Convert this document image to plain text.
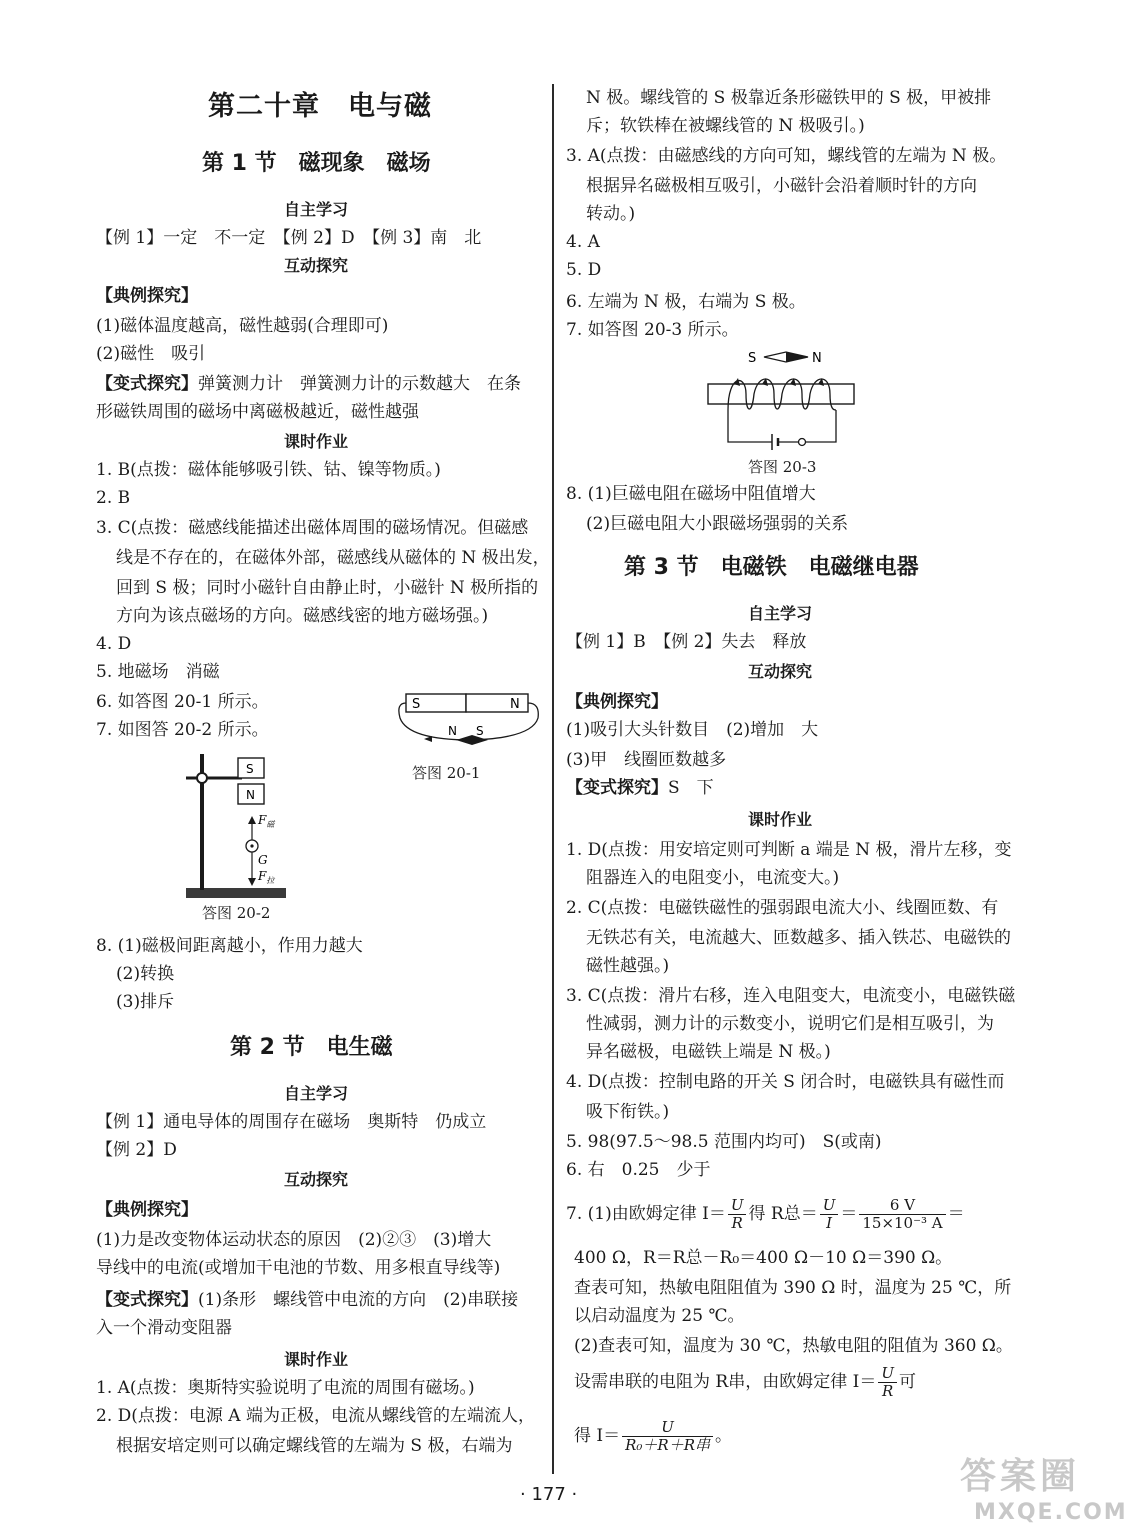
第二十章　电与磁
第 1 节　磁现象　磁场
自主学习
【例 1】一定　不一定　【例 2】D　【例 3】南　北
互动探究
【典例探究】
(1)磁体温度越高，磁性越弱(合理即可)
(2)磁性　吸引
【变式探究】弹簧测力计　弹簧测力计的示数越大　在条
形磁铁周围的磁场中离磁极越近，磁性越强
课时作业
1. B(点拨：磁体能够吸引铁、钴、镍等物质。)
2. B
3. C(点拨：磁感线能描述出磁体周围的磁场情况。但磁感
线是不存在的，在磁体外部，磁感线从磁体的 N 极出发，
回到 S 极；同时小磁针自由静止时，小磁针 N 极所指的
方向为该点磁场的方向。磁感线密的地方磁场强。)
4. D
5. 地磁场　消磁
6. 如答图 20-1 所示。
7. 如图答 20-2 所示。
S	N
N S
答图 20-1
S
N
$F_磁$
G
$F_拉$
答图 20-2
8. (1)磁极间距离越小，作用力越大
(2)转换
(3)排斥
第 2 节　电生磁
自主学习
【例 1】通电导体的周围存在磁场　奥斯特　仍成立
【例 2】D
互动探究
【典例探究】
(1)力是改变物体运动状态的原因　(2)②③　(3)增大
导线中的电流(或增加干电池的节数、用多根直导线等)
【变式探究】(1)条形　螺线管中电流的方向　(2)串联接
入一个滑动变阻器
课时作业
1. A(点拨：奥斯特实验说明了电流的周围有磁场。)
2. D(点拨：电源 A 端为正极，电流从螺线管的左端流人，
根据安培定则可以确定螺线管的左端为 S 极，右端为
N 极。螺线管的 S 极靠近条形磁铁甲的 S 极，甲被排
斥；软铁棒在被螺线管的 N 极吸引。)
3. A(点拨：由磁感线的方向可知，螺线管的左端为 N 极。
根据异名磁极相互吸引，小磁针会沿着顺时针的方向
转动。)
4. A
5. D
6. 左端为 N 极，右端为 S 极。
7. 如答图 20-3 所示。
S	N
答图 20-3
8. (1)巨磁电阻在磁场中阻值增大
(2)巨磁电阻大小跟磁场强弱的关系
第 3 节　电磁铁　电磁继电器
自主学习
【例 1】B　【例 2】失去　释放
互动探究
【典例探究】
(1)吸引大头针数目　(2)增加　大
(3)甲　线圈匝数越多
【变式探究】S　下
课时作业
1. D(点拨：用安培定则可判断 a 端是 N 极，滑片左移，变
阻器连入的电阻变小，电流变大。)
2. C(点拨：电磁铁磁性的强弱跟电流大小、线圈匝数、有
无铁芯有关，电流越大、匝数越多、插入铁芯、电磁铁的
磁性越强。)
3. C(点拨：滑片右移，连入电阻变大，电流变小，电磁铁磁
性减弱，测力计的示数变小，说明它们是相互吸引，为
异名磁极，电磁铁上端是 N 极。)
4. D(点拨：控制电路的开关 S 闭合时，电磁铁具有磁性而
吸下衔铁。)
5. 98(97.5～98.5 范围内均可)　S(或南)
6. 右　0.25　少于
7. (1)由欧姆定律 $I= \frac{U}{R}$ 得 R总＝ $\frac{U}{I} = \frac{6 V}{\text{15×10⁻³ A}}$ ＝
400 Ω，R＝R总－R₀＝400 Ω－10 Ω＝390 Ω。
查表可知，热敏电阻阻值为 390 Ω 时，温度为 25 ℃，所
以启动温度为 25 ℃。
(2)查表可知，温度为 30 ℃，热敏电阻的阻值为 360 Ω。
设需串联的电阻为 R串，由欧姆定律 $I= \frac{U}{R}$ 可
得 $I= \frac{U}{\text{R₀＋R＋R串}}$ 。
· 177 ·	答案圈
MXQE.COM
